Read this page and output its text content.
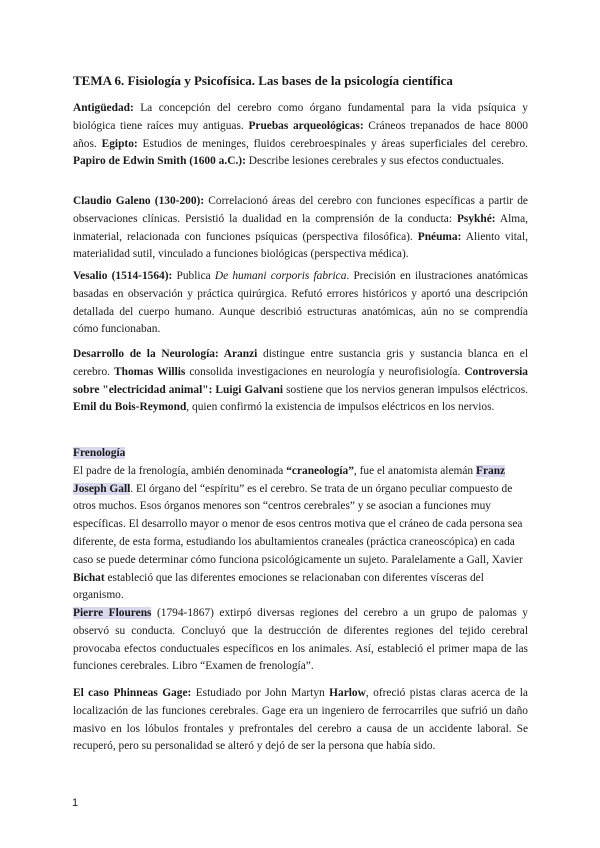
TEMA 6. Fisiología y Psicofísica. Las bases de la psicología científica

Antigüedad: La concepción del cerebro como órgano fundamental para la vida psíquica y biológica tiene raíces muy antiguas. Pruebas arqueológicas: Cráneos trepanados de hace 8000 años. Egipto: Estudios de meninges, fluidos cerebroespinales y áreas superficiales del cerebro. Papiro de Edwin Smith (1600 a.C.): Describe lesiones cerebrales y sus efectos conductuales.

Claudio Galeno (130-200): Correlacionó áreas del cerebro con funciones específicas a partir de observaciones clínicas. Persistió la dualidad en la comprensión de la conducta: Psykhé: Alma, inmaterial, relacionada con funciones psíquicas (perspectiva filosófica). Pnéuma: Aliento vital, materialidad sutil, vinculado a funciones biológicas (perspectiva médica).

Vesalio (1514-1564): Publica De humani corporis fabrica. Precisión en ilustraciones anatómicas basadas en observación y práctica quirúrgica. Refutó errores históricos y aportó una descripción detallada del cuerpo humano. Aunque describió estructuras anatómicas, aún no se comprendía cómo funcionaban.

Desarrollo de la Neurología: Aranzi distingue entre sustancia gris y sustancia blanca en el cerebro. Thomas Willis consolida investigaciones en neurología y neurofisiología. Controversia sobre "electricidad animal": Luigi Galvani sostiene que los nervios generan impulsos eléctricos. Emil du Bois-Reymond, quien confirmó la existencia de impulsos eléctricos en los nervios.

Frenología
El padre de la frenología, ambién denominada “craneología”, fue el anatomista alemán Franz Joseph Gall. El órgano del “espíritu” es el cerebro. Se trata de un órgano peculiar compuesto de otros muchos. Esos órganos menores son “centros cerebrales” y se asocian a funciones muy específicas. El desarrollo mayor o menor de esos centros motiva que el cráneo de cada persona sea diferente, de esta forma, estudiando los abultamientos craneales (práctica craneoscópica) en cada caso se puede determinar cómo funciona psicológicamente un sujeto. Paralelamente a Gall, Xavier Bichat estableció que las diferentes emociones se relacionaban con diferentes vísceras del organismo.

Pierre Flourens (1794-1867) extirpó diversas regiones del cerebro a un grupo de palomas y observó su conducta. Concluyó que la destrucción de diferentes regiones del tejido cerebral provocaba efectos conductuales específicos en los animales. Así, estableció el primer mapa de las funciones cerebrales. Libro “Examen de frenología”.

El caso Phinneas Gage: Estudiado por John Martyn Harlow, ofreció pistas claras acerca de la localización de las funciones cerebrales. Gage era un ingeniero de ferrocarriles que sufrió un daño masivo en los lóbulos frontales y prefrontales del cerebro a causa de un accidente laboral. Se recuperó, pero su personalidad se alteró y dejó de ser la persona que había sido.

1
